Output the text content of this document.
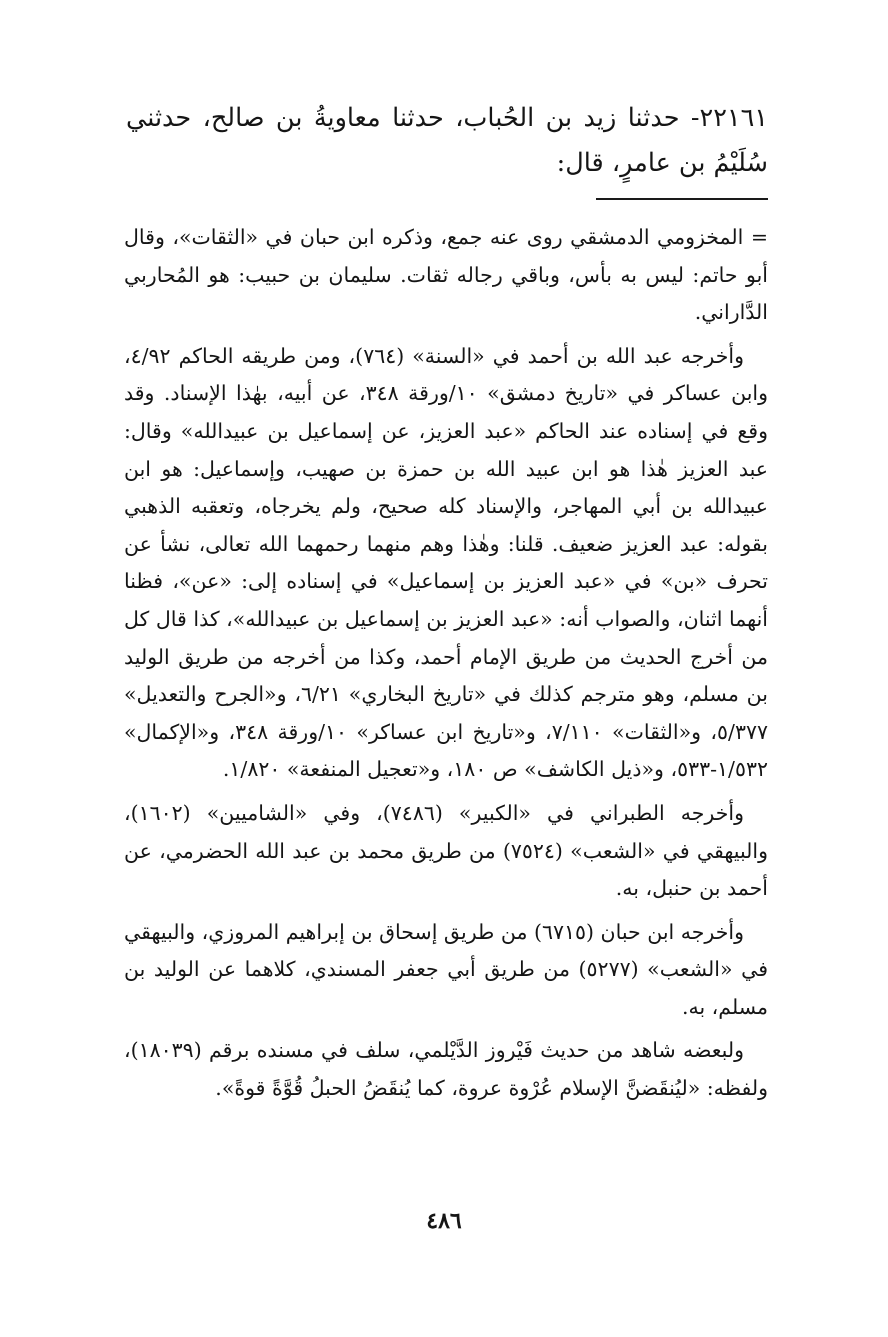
٢٢١٦١- حدثنا زيد بن الحُباب، حدثنا معاويةُ بن صالح، حدثني سُلَيْمُ بن عامرٍ، قال:

= المخزومي الدمشقي روى عنه جمع، وذكره ابن حبان في «الثقات»، وقال أبو حاتم: ليس به بأس، وباقي رجاله ثقات. سليمان بن حبيب: هو المُحاربي الدَّاراني.

وأخرجه عبد الله بن أحمد في «السنة» (٧٦٤)، ومن طريقه الحاكم ٤/٩٢، وابن عساكر في «تاريخ دمشق» ١٠/ورقة ٣٤٨، عن أبيه، بهٰذا الإسناد. وقد وقع في إسناده عند الحاكم «عبد العزيز، عن إسماعيل بن عبيدالله» وقال: عبد العزيز هٰذا هو ابن عبيد الله بن حمزة بن صهيب، وإسماعيل: هو ابن عبيدالله بن أبي المهاجر، والإسناد كله صحيح، ولم يخرجاه، وتعقبه الذهبي بقوله: عبد العزيز ضعيف. قلنا: وهٰذا وهم منهما رحمهما الله تعالى، نشأ عن تحرف «بن» في «عبد العزيز بن إسماعيل» في إسناده إلى: «عن»، فظنا أنهما اثنان، والصواب أنه: «عبد العزيز بن إسماعيل بن عبيدالله»، كذا قال كل من أخرج الحديث من طريق الإمام أحمد، وكذا من أخرجه من طريق الوليد بن مسلم، وهو مترجم كذلك في «تاريخ البخاري» ٦/٢١، و«الجرح والتعديل» ٥/٣٧٧، و«الثقات» ٧/١١٠، و«تاريخ ابن عساكر» ١٠/ورقة ٣٤٨، و«الإكمال» ١/٥٣٢-٥٣٣، و«ذيل الكاشف» ص ١٨٠، و«تعجيل المنفعة» ١/٨٢٠.

وأخرجه الطبراني في «الكبير» (٧٤٨٦)، وفي «الشاميين» (١٦٠٢)، والبيهقي في «الشعب» (٧٥٢٤) من طريق محمد بن عبد الله الحضرمي، عن أحمد بن حنبل، به.

وأخرجه ابن حبان (٦٧١٥) من طريق إسحاق بن إبراهيم المروزي، والبيهقي في «الشعب» (٥٢٧٧) من طريق أبي جعفر المسندي، كلاهما عن الوليد بن مسلم، به.

ولبعضه شاهد من حديث فَيْروز الدَّيْلمي، سلف في مسنده برقم (١٨٠٣٩)، ولفظه: «ليُنقَضنَّ الإسلام عُرْوة عروة، كما يُنقَضُ الحبلُ قُوَّةً قوةً».

٤٨٦
